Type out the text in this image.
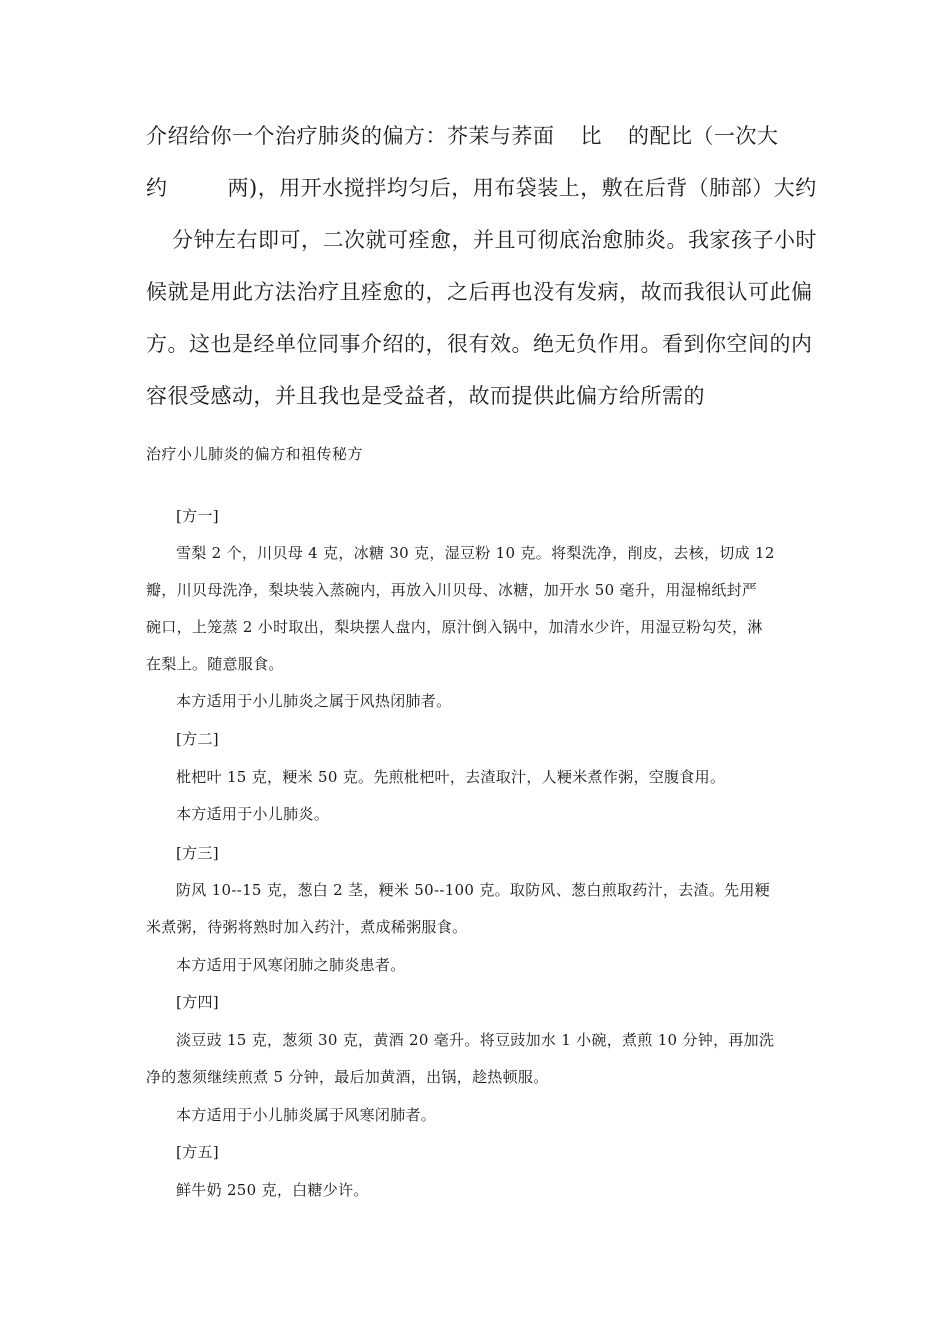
介绍给你一个治疗肺炎的偏方：芥茉与荞面 比 的配比（一次大

约	两)，用开水搅拌均匀后，用布袋装上，敷在后背（肺部）大约

分钟左右即可，二次就可痊愈，并且可彻底治愈肺炎。我家孩子小时

候就是用此方法治疗且痊愈的，之后再也没有发病，故而我很认可此偏

方。这也是经单位同事介绍的，很有效。绝无负作用。看到你空间的内

容很受感动，并且我也是受益者，故而提供此偏方给所需的

治疗小儿肺炎的偏方和祖传秘方

[方一]

雪梨 2 个，川贝母 4 克，冰糖 30 克，湿豆粉 10 克。将梨洗净，削皮，去核，切成 12

瓣，川贝母洗净，梨块装入蒸碗内，再放入川贝母、冰糖，加开水 50 毫升，用湿棉纸封严

碗口，上笼蒸 2 小时取出，梨块摆人盘内，原汁倒入锅中，加清水少许，用湿豆粉勾芡，淋

在梨上。随意服食。

本方适用于小儿肺炎之属于风热闭肺者。

[方二]

枇杷叶 15 克，粳米 50 克。先煎枇杷叶，去渣取汁，人粳米煮作粥，空腹食用。

本方适用于小儿肺炎。

[方三]

防风 10--15 克，葱白 2 茎，粳米 50--100 克。取防风、葱白煎取药汁，去渣。先用粳

米煮粥，待粥将熟时加入药汁，煮成稀粥服食。

本方适用于风寒闭肺之肺炎患者。

[方四]

淡豆豉 15 克，葱须 30 克，黄酒 20 毫升。将豆豉加水 1 小碗，煮煎 10 分钟，再加洗

净的葱须继续煎煮 5 分钟，最后加黄酒，出锅，趁热顿服。

本方适用于小儿肺炎属于风寒闭肺者。

[方五]

鲜牛奶 250 克，白糖少许。
